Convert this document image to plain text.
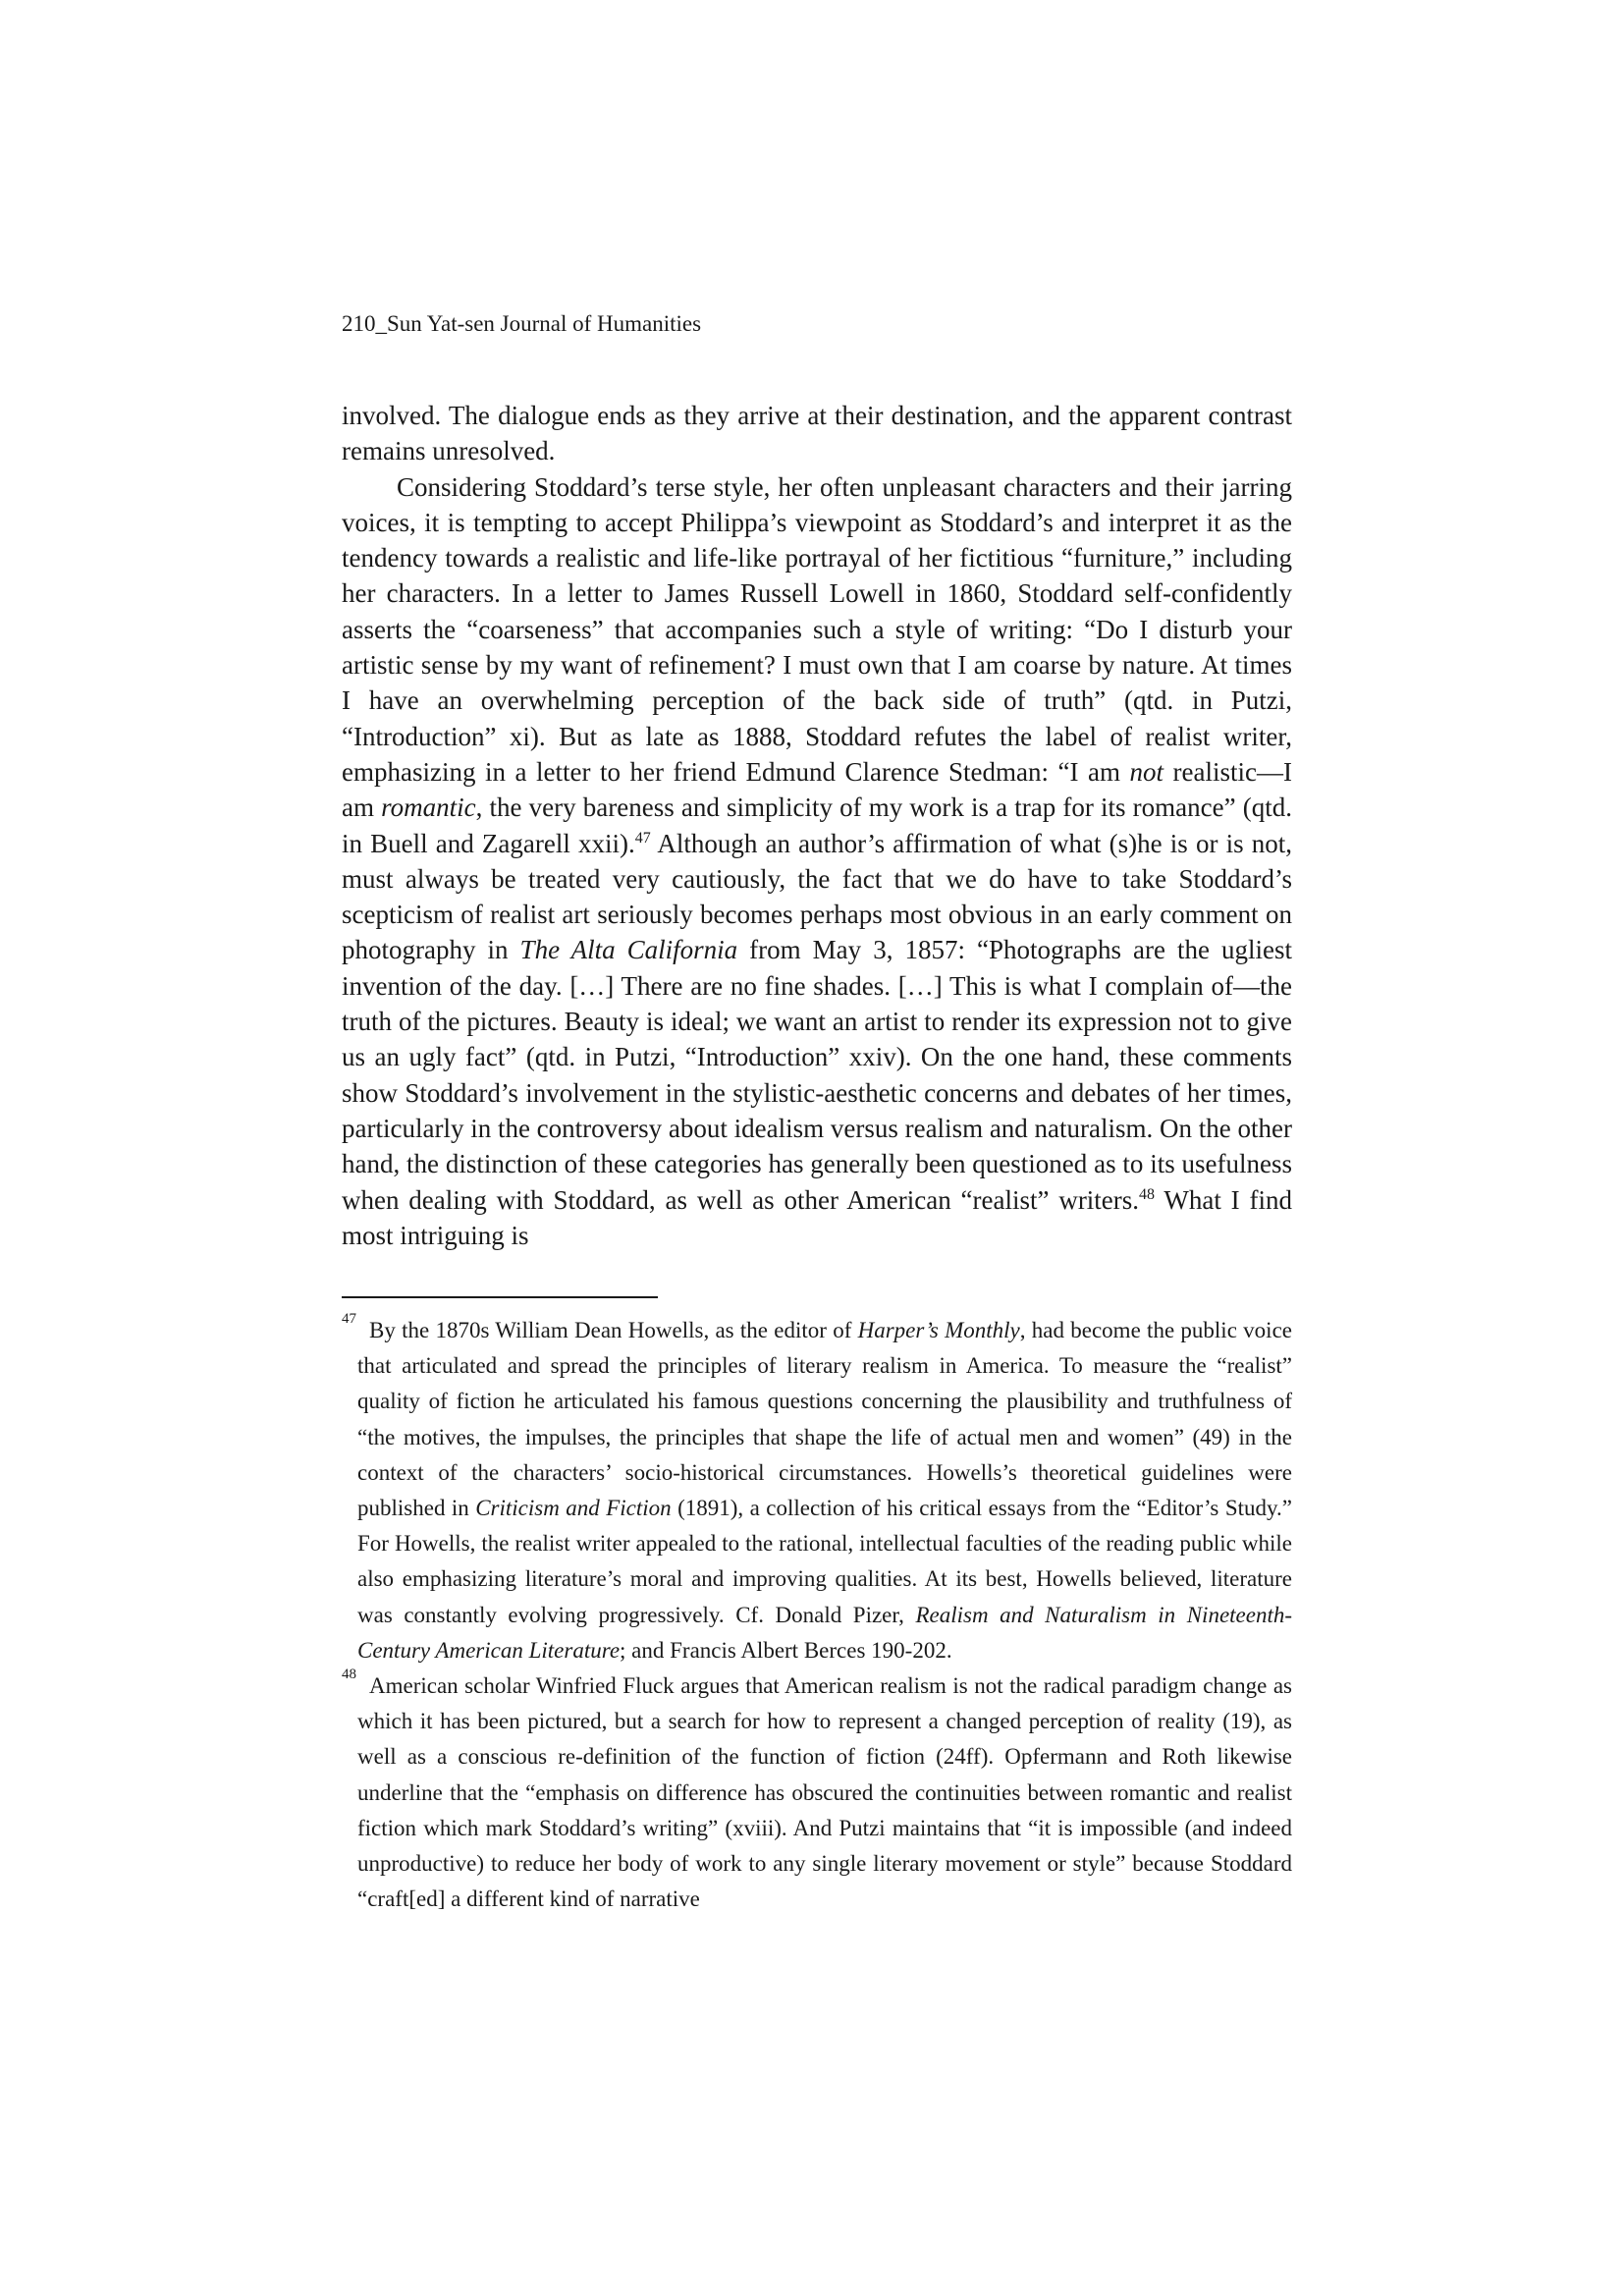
210_Sun Yat-sen Journal of Humanities

involved. The dialogue ends as they arrive at their destination, and the apparent contrast remains unresolved.

Considering Stoddard’s terse style, her often unpleasant characters and their jarring voices, it is tempting to accept Philippa’s viewpoint as Stoddard’s and interpret it as the tendency towards a realistic and life-like portrayal of her fictitious “furniture,” including her characters. In a letter to James Russell Lowell in 1860, Stoddard self-confidently asserts the “coarseness” that accompanies such a style of writing: “Do I disturb your artistic sense by my want of refinement? I must own that I am coarse by nature. At times I have an overwhelming perception of the back side of truth” (qtd. in Putzi, “Introduction” xi). But as late as 1888, Stoddard refutes the label of realist writer, emphasizing in a letter to her friend Edmund Clarence Stedman: “I am not realistic—I am romantic, the very bareness and simplicity of my work is a trap for its romance” (qtd. in Buell and Zagarell xxii).$^{47}$ Although an author’s affirmation of what (s)he is or is not, must always be treated very cautiously, the fact that we do have to take Stoddard’s scepticism of realist art seriously becomes perhaps most obvious in an early comment on photography in The Alta California from May 3, 1857: “Photographs are the ugliest invention of the day. […] There are no fine shades. […] This is what I complain of—the truth of the pictures. Beauty is ideal; we want an artist to render its expression not to give us an ugly fact” (qtd. in Putzi, “Introduction” xxiv). On the one hand, these comments show Stoddard’s involvement in the stylistic-aesthetic concerns and debates of her times, particularly in the controversy about idealism versus realism and naturalism. On the other hand, the distinction of these categories has generally been questioned as to its usefulness when dealing with Stoddard, as well as other American “realist” writers.$^{48}$ What I find most intriguing is

47 By the 1870s William Dean Howells, as the editor of Harper’s Monthly, had become the public voice that articulated and spread the principles of literary realism in America. To measure the “realist” quality of fiction he articulated his famous questions concerning the plausibility and truthfulness of “the motives, the impulses, the principles that shape the life of actual men and women” (49) in the context of the characters’ socio-historical circumstances. Howells’s theoretical guidelines were published in Criticism and Fiction (1891), a collection of his critical essays from the “Editor’s Study.” For Howells, the realist writer appealed to the rational, intellectual faculties of the reading public while also emphasizing literature’s moral and improving qualities. At its best, Howells believed, literature was constantly evolving progressively. Cf. Donald Pizer, Realism and Naturalism in Nineteenth-Century American Literature; and Francis Albert Berces 190-202.

48 American scholar Winfried Fluck argues that American realism is not the radical paradigm change as which it has been pictured, but a search for how to represent a changed perception of reality (19), as well as a conscious re-definition of the function of fiction (24ff). Opfermann and Roth likewise underline that the “emphasis on difference has obscured the continuities between romantic and realist fiction which mark Stoddard’s writing” (xviii). And Putzi maintains that “it is impossible (and indeed unproductive) to reduce her body of work to any single literary movement or style” because Stoddard “craft[ed] a different kind of narrative
